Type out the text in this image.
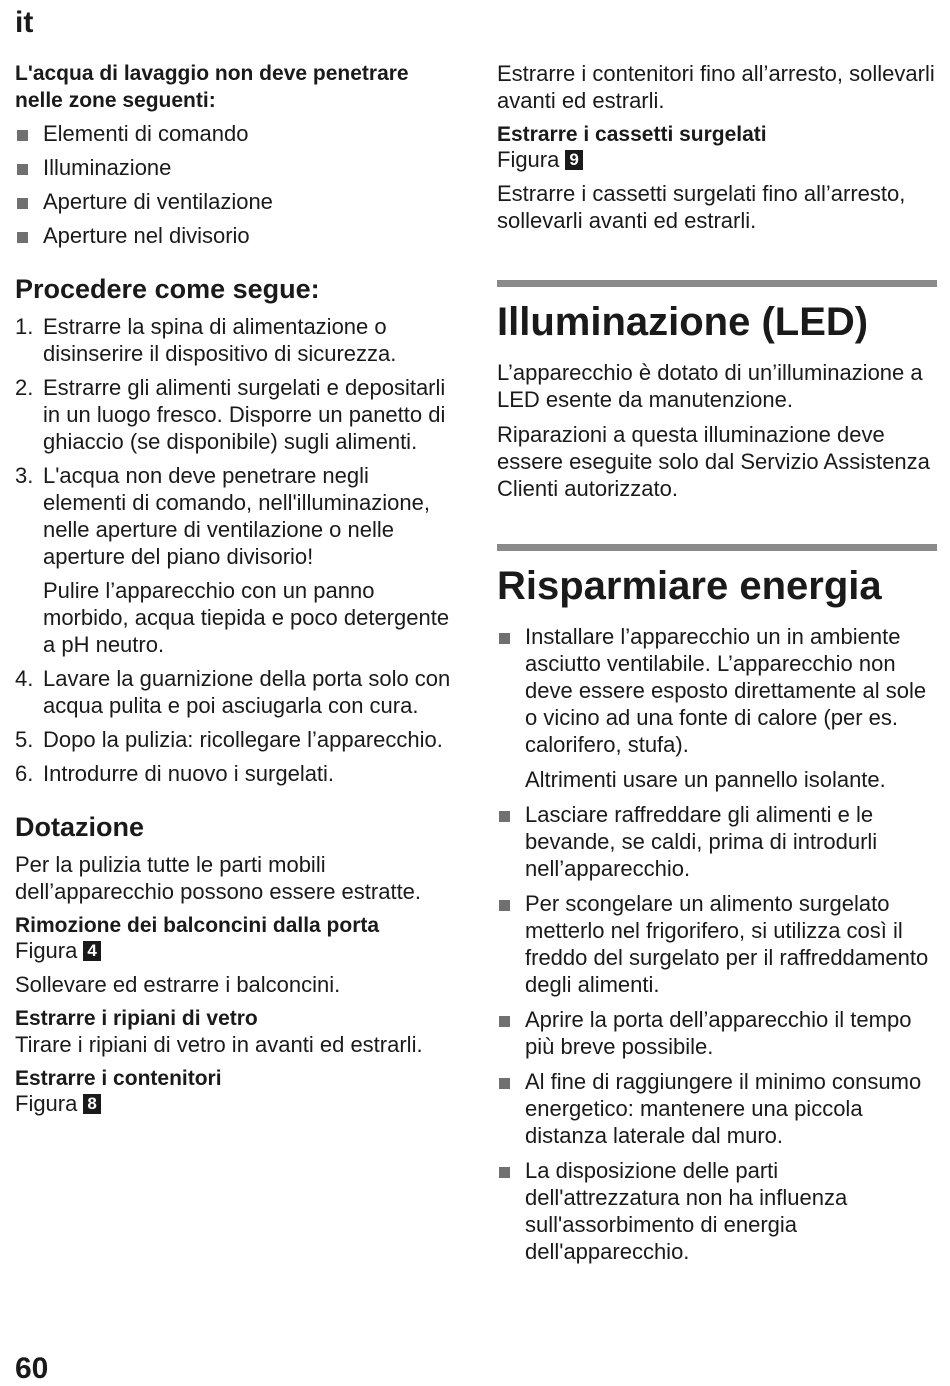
it

L'acqua di lavaggio non deve penetrare nelle zone seguenti:

Elementi di comando
Illuminazione
Aperture di ventilazione
Aperture nel divisorio
Procedere come segue:
1. Estrarre la spina di alimentazione o disinserire il dispositivo di sicurezza.
2. Estrarre gli alimenti surgelati e depositarli in un luogo fresco. Disporre un panetto di ghiaccio (se disponibile) sugli alimenti.
3. L'acqua non deve penetrare negli elementi di comando, nell'illuminazione, nelle aperture di ventilazione o nelle aperture del piano divisorio!
Pulire l’apparecchio con un panno morbido, acqua tiepida e poco detergente a pH neutro.
4. Lavare la guarnizione della porta solo con acqua pulita e poi asciugarla con cura.
5. Dopo la pulizia: ricollegare l’apparecchio.
6. Introdurre di nuovo i surgelati.
Dotazione

Per la pulizia tutte le parti mobili dell’apparecchio possono essere estratte.

Rimozione dei balconcini dalla porta

Figura 4

Sollevare ed estrarre i balconcini.

Estrarre i ripiani di vetro

Tirare i ripiani di vetro in avanti ed estrarli.

Estrarre i contenitori

Figura 8

Estrarre i contenitori fino all’arresto, sollevarli avanti ed estrarli.

Estrarre i cassetti surgelati

Figura 9

Estrarre i cassetti surgelati fino all’arresto, sollevarli avanti ed estrarli.

Illuminazione (LED)

L’apparecchio è dotato di un’illuminazione a LED esente da manutenzione.

Riparazioni a questa illuminazione deve essere eseguite solo dal Servizio Assistenza Clienti autorizzato.

Risparmiare energia
Installare l’apparecchio un in ambiente asciutto ventilabile. L’apparecchio non deve essere esposto direttamente al sole o vicino ad una fonte di calore (per es. calorifero, stufa).
Altrimenti usare un pannello isolante.
Lasciare raffreddare gli alimenti e le bevande, se caldi, prima di introdurli nell’apparecchio.
Per scongelare un alimento surgelato metterlo nel frigorifero, si utilizza così il freddo del surgelato per il raffreddamento degli alimenti.
Aprire la porta dell’apparecchio il tempo più breve possibile.
Al fine di raggiungere il minimo consumo energetico: mantenere una piccola distanza laterale dal muro.
La disposizione delle parti dell'attrezzatura non ha influenza sull'assorbimento di energia dell'apparecchio.
60
